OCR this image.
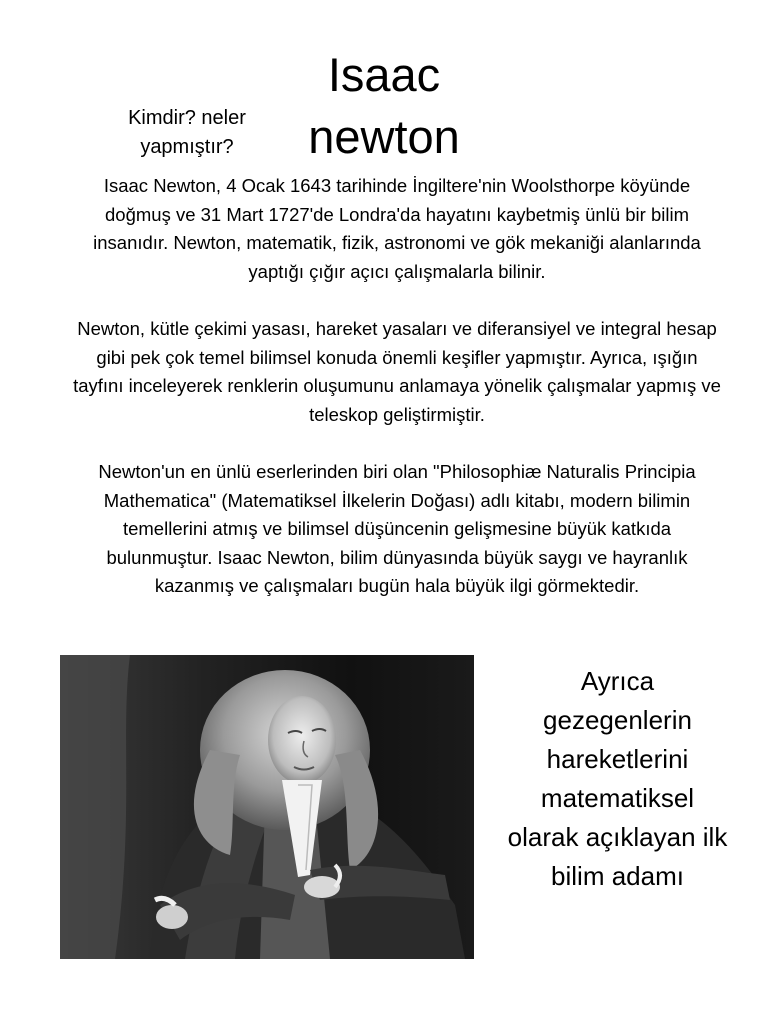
Kimdir? neler yapmıştır?
Isaac newton

Isaac Newton, 4 Ocak 1643 tarihinde İngiltere'nin Woolsthorpe köyünde doğmuş ve 31 Mart 1727'de Londra'da hayatını kaybetmiş ünlü bir bilim insanıdır. Newton, matematik, fizik, astronomi ve gök mekaniği alanlarında yaptığı çığır açıcı çalışmalarla bilinir.

Newton, kütle çekimi yasası, hareket yasaları ve diferansiyel ve integral hesap gibi pek çok temel bilimsel konuda önemli keşifler yapmıştır. Ayrıca, ışığın tayfını inceleyerek renklerin oluşumunu anlamaya yönelik çalışmalar yapmış ve teleskop geliştirmiştir.

Newton'un en ünlü eserlerinden biri olan "Philosophiæ Naturalis Principia Mathematica" (Matematiksel İlkelerin Doğası) adlı kitabı, modern bilimin temellerini atmış ve bilimsel düşüncenin gelişmesine büyük katkıda bulunmuştur. Isaac Newton, bilim dünyasında büyük saygı ve hayranlık kazanmış ve çalışmaları bugün hala büyük ilgi görmektedir.

Ayrıca gezegenlerin hareketlerini matematiksel olarak açıklayan ilk bilim adamı
